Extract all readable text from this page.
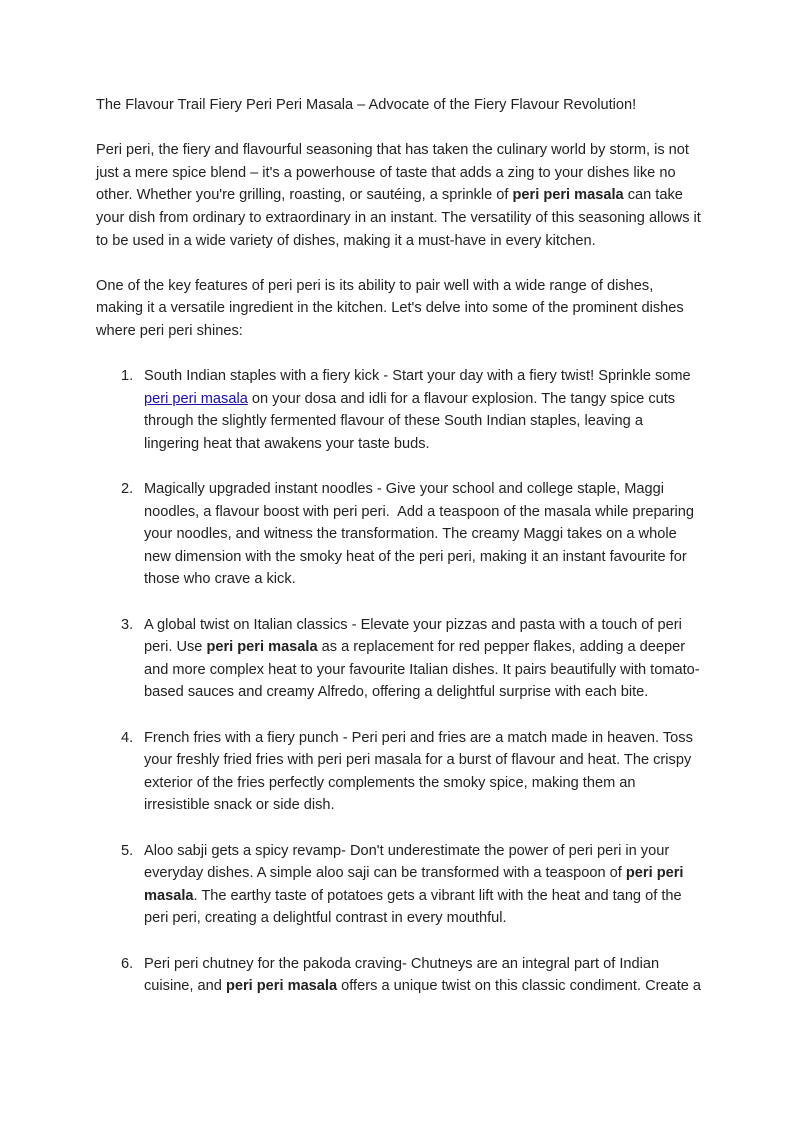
The Flavour Trail Fiery Peri Peri Masala – Advocate of the Fiery Flavour Revolution!

Peri peri, the fiery and flavourful seasoning that has taken the culinary world by storm, is not just a mere spice blend – it's a powerhouse of taste that adds a zing to your dishes like no other. Whether you're grilling, roasting, or sautéing, a sprinkle of peri peri masala can take your dish from ordinary to extraordinary in an instant. The versatility of this seasoning allows it to be used in a wide variety of dishes, making it a must-have in every kitchen.

One of the key features of peri peri is its ability to pair well with a wide range of dishes, making it a versatile ingredient in the kitchen. Let's delve into some of the prominent dishes where peri peri shines:

1. South Indian staples with a fiery kick - Start your day with a fiery twist! Sprinkle some peri peri masala on your dosa and idli for a flavour explosion. The tangy spice cuts through the slightly fermented flavour of these South Indian staples, leaving a lingering heat that awakens your taste buds.
2. Magically upgraded instant noodles - Give your school and college staple, Maggi noodles, a flavour boost with peri peri.  Add a teaspoon of the masala while preparing your noodles, and witness the transformation. The creamy Maggi takes on a whole new dimension with the smoky heat of the peri peri, making it an instant favourite for those who crave a kick.
3. A global twist on Italian classics - Elevate your pizzas and pasta with a touch of peri peri. Use peri peri masala as a replacement for red pepper flakes, adding a deeper and more complex heat to your favourite Italian dishes. It pairs beautifully with tomato-based sauces and creamy Alfredo, offering a delightful surprise with each bite.
4. French fries with a fiery punch - Peri peri and fries are a match made in heaven. Toss your freshly fried fries with peri peri masala for a burst of flavour and heat. The crispy exterior of the fries perfectly complements the smoky spice, making them an irresistible snack or side dish.
5. Aloo sabji gets a spicy revamp- Don't underestimate the power of peri peri in your everyday dishes. A simple aloo saji can be transformed with a teaspoon of peri peri masala. The earthy taste of potatoes gets a vibrant lift with the heat and tang of the peri peri, creating a delightful contrast in every mouthful.
6. Peri peri chutney for the pakoda craving- Chutneys are an integral part of Indian cuisine, and peri peri masala offers a unique twist on this classic condiment. Create a
